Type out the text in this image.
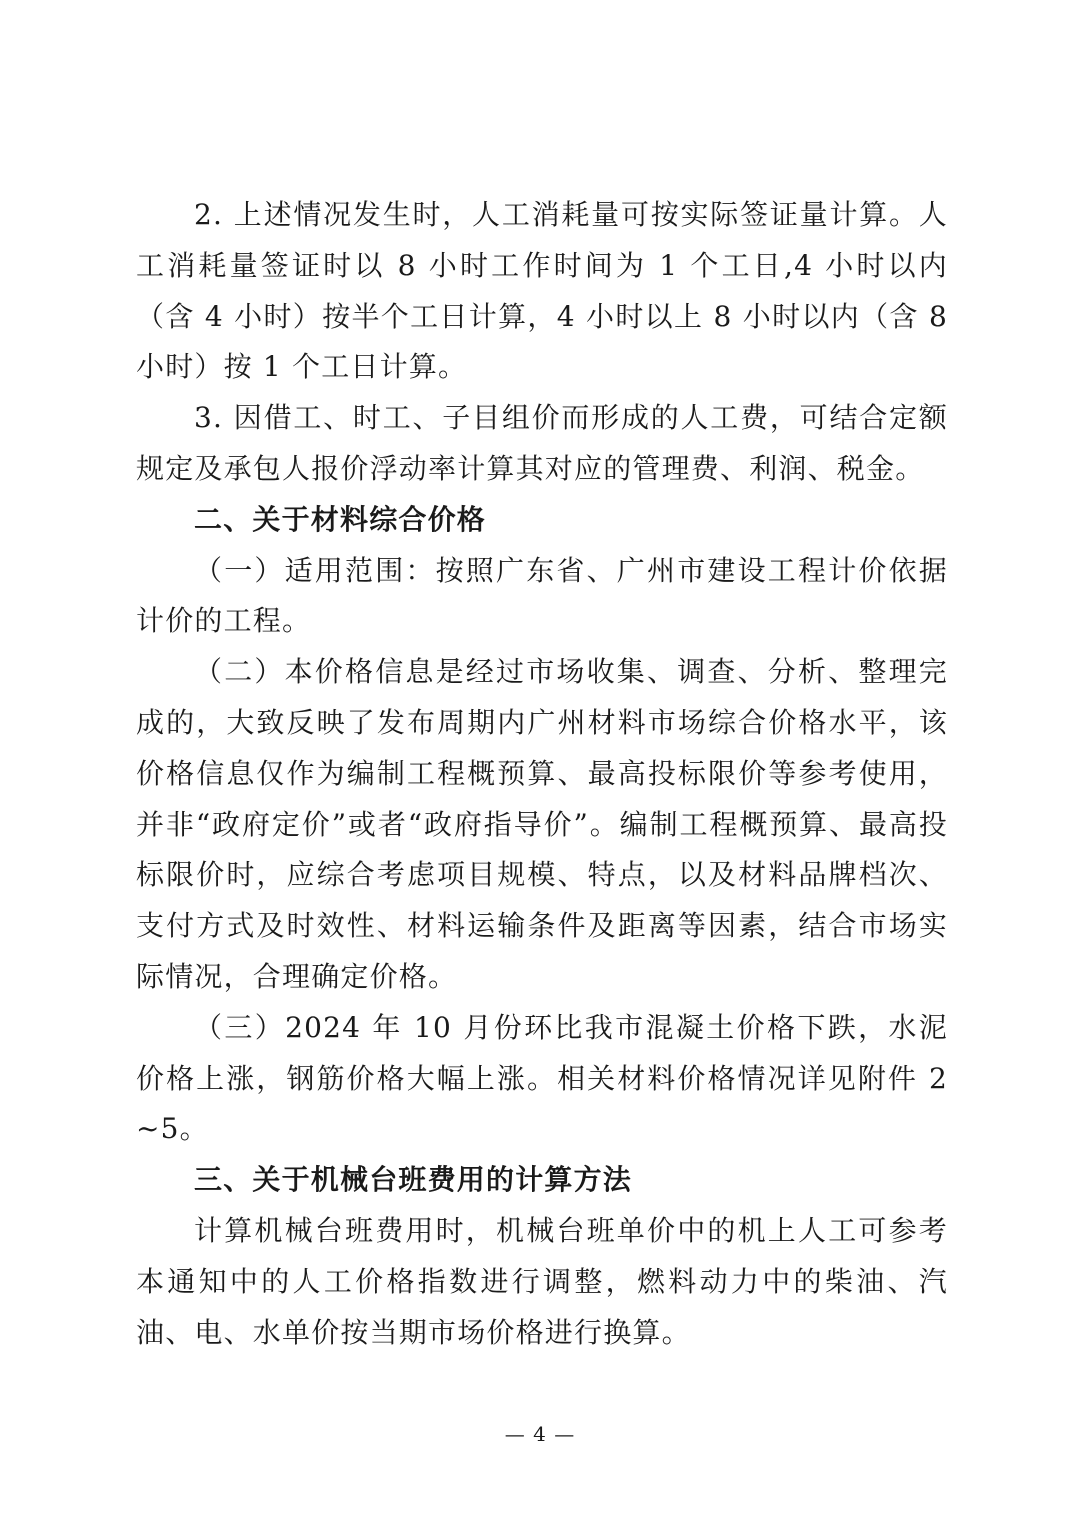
2. 上述情况发生时，人工消耗量可按实际签证量计算。人工消耗量签证时以 8 小时工作时间为 1 个工日,4 小时以内（含 4 小时）按半个工日计算，4 小时以上 8 小时以内（含 8 小时）按 1 个工日计算。

3. 因借工、时工、子目组价而形成的人工费，可结合定额规定及承包人报价浮动率计算其对应的管理费、利润、税金。

二、关于材料综合价格

（一）适用范围：按照广东省、广州市建设工程计价依据计价的工程。

（二）本价格信息是经过市场收集、调查、分析、整理完成的，大致反映了发布周期内广州材料市场综合价格水平，该价格信息仅作为编制工程概预算、最高投标限价等参考使用，并非“政府定价”或者“政府指导价”。编制工程概预算、最高投标限价时，应综合考虑项目规模、特点，以及材料品牌档次、支付方式及时效性、材料运输条件及距离等因素，结合市场实际情况，合理确定价格。

（三）2024 年 10 月份环比我市混凝土价格下跌，水泥价格上涨，钢筋价格大幅上涨。相关材料价格情况详见附件 2~5。

三、关于机械台班费用的计算方法

计算机械台班费用时，机械台班单价中的机上人工可参考本通知中的人工价格指数进行调整，燃料动力中的柴油、汽油、电、水单价按当期市场价格进行换算。

— 4 —
